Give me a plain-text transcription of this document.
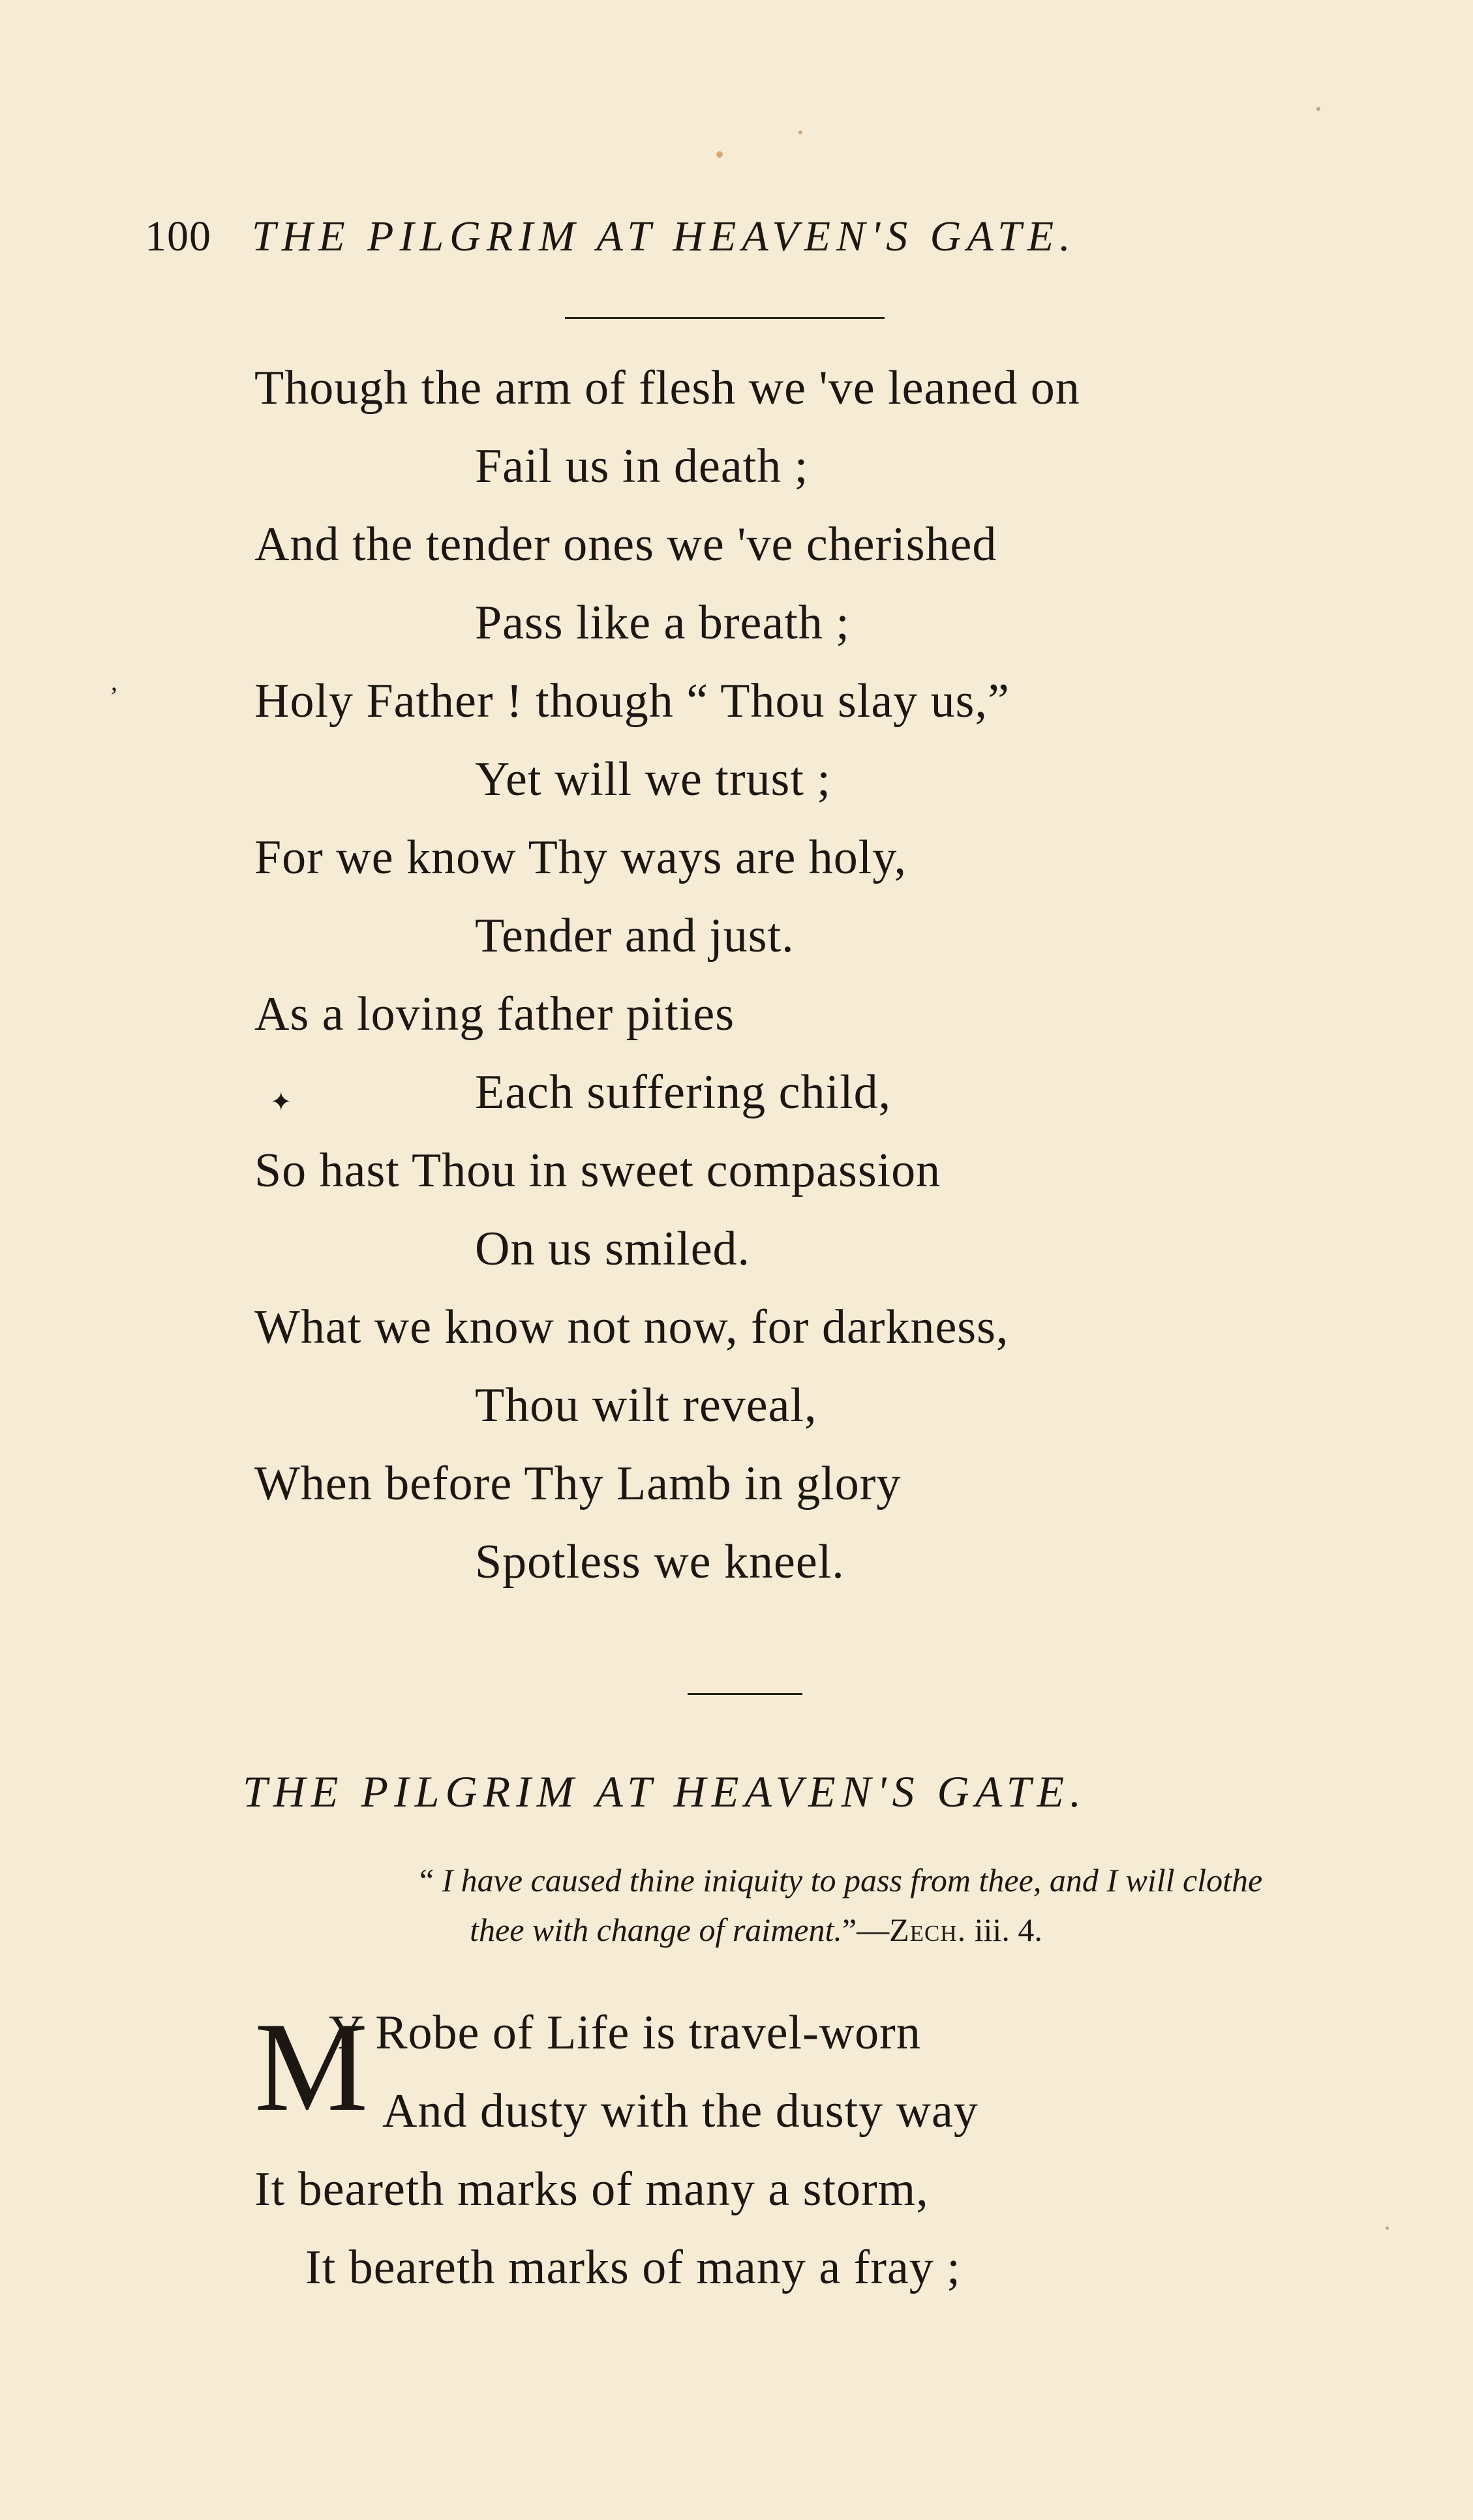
100 THE PILGRIM AT HEAVEN'S GATE.
Though the arm of flesh we 've leaned on
Fail us in death ;
And the tender ones we 've cherished
Pass like a breath ;
Holy Father ! though “ Thou slay us,”
Yet will we trust ;
For we know Thy ways are holy,
Tender and just.
As a loving father pities
Each suffering child,
So hast Thou in sweet compassion
On us smiled.
What we know not now, for darkness,
Thou wilt reveal,
When before Thy Lamb in glory
Spotless we kneel.
’
✦
THE PILGRIM AT HEAVEN'S GATE.
“ I have caused thine iniquity to pass from thee, and I will clothe
thee with change of raiment.”—Zech. iii. 4.
M
Y Robe of Life is travel-worn
And dusty with the dusty way
It beareth marks of many a storm,
It beareth marks of many a fray ;
